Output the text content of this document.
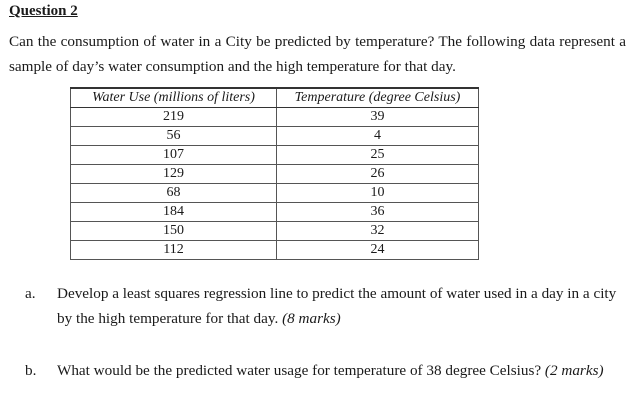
Question 2
Can the consumption of water in a City be predicted by temperature? The following data represent a sample of day’s water consumption and the high temperature for that day.
Water Use (millions of liters)	Temperature (degree Celsius)
219	39
56	4
107	25
129	26
68	10
184	36
150	32
112	24
a. Develop a least squares regression line to predict the amount of water used in a day in a city by the high temperature for that day. (8 marks)
b. What would be the predicted water usage for temperature of 38 degree Celsius? (2 marks)
